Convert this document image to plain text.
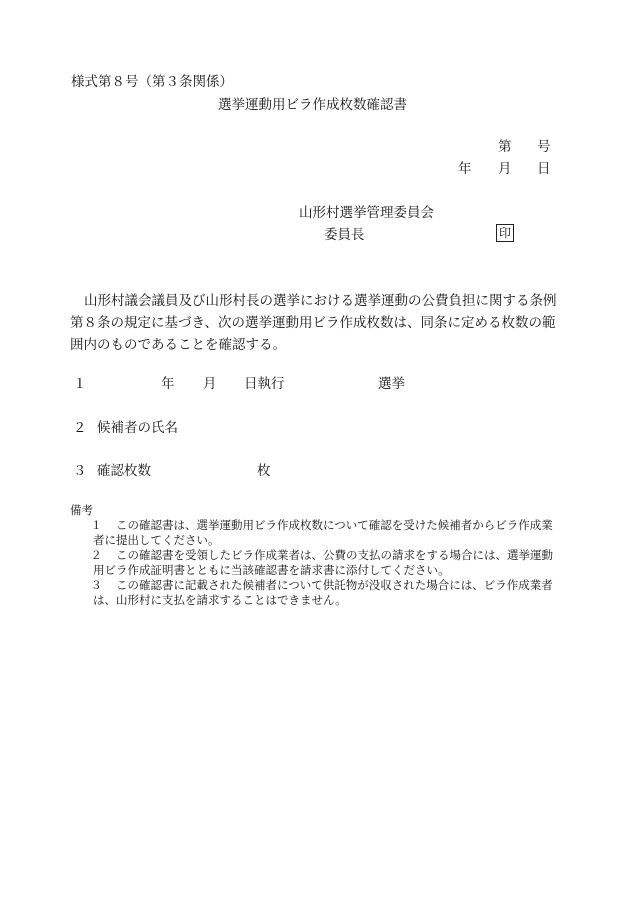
様式第８号（第３条関係）
選挙運動用ビラ作成枚数確認書
第 号
年 月 日
山形村選挙管理委員会
委員長	印
山形村議会議員及び山形村長の選挙における選挙運動の公費負担に関する条例
第８条の規定に基づき、次の選挙運動用ビラ作成枚数は、同条に定める枚数の範
囲内のものであることを確認する。
１	年 月 日執行	選挙
２ 候補者の氏名
３ 確認枚数	枚
備考
１ この確認書は、選挙運動用ビラ作成枚数について確認を受けた候補者からビラ作成業
者に提出してください。
２ この確認書を受領したビラ作成業者は、公費の支払の請求をする場合には、選挙運動
用ビラ作成証明書とともに当該確認書を請求書に添付してください。
３ この確認書に記載された候補者について供託物が没収された場合には、ビラ作成業者
は、山形村に支払を請求することはできません。
